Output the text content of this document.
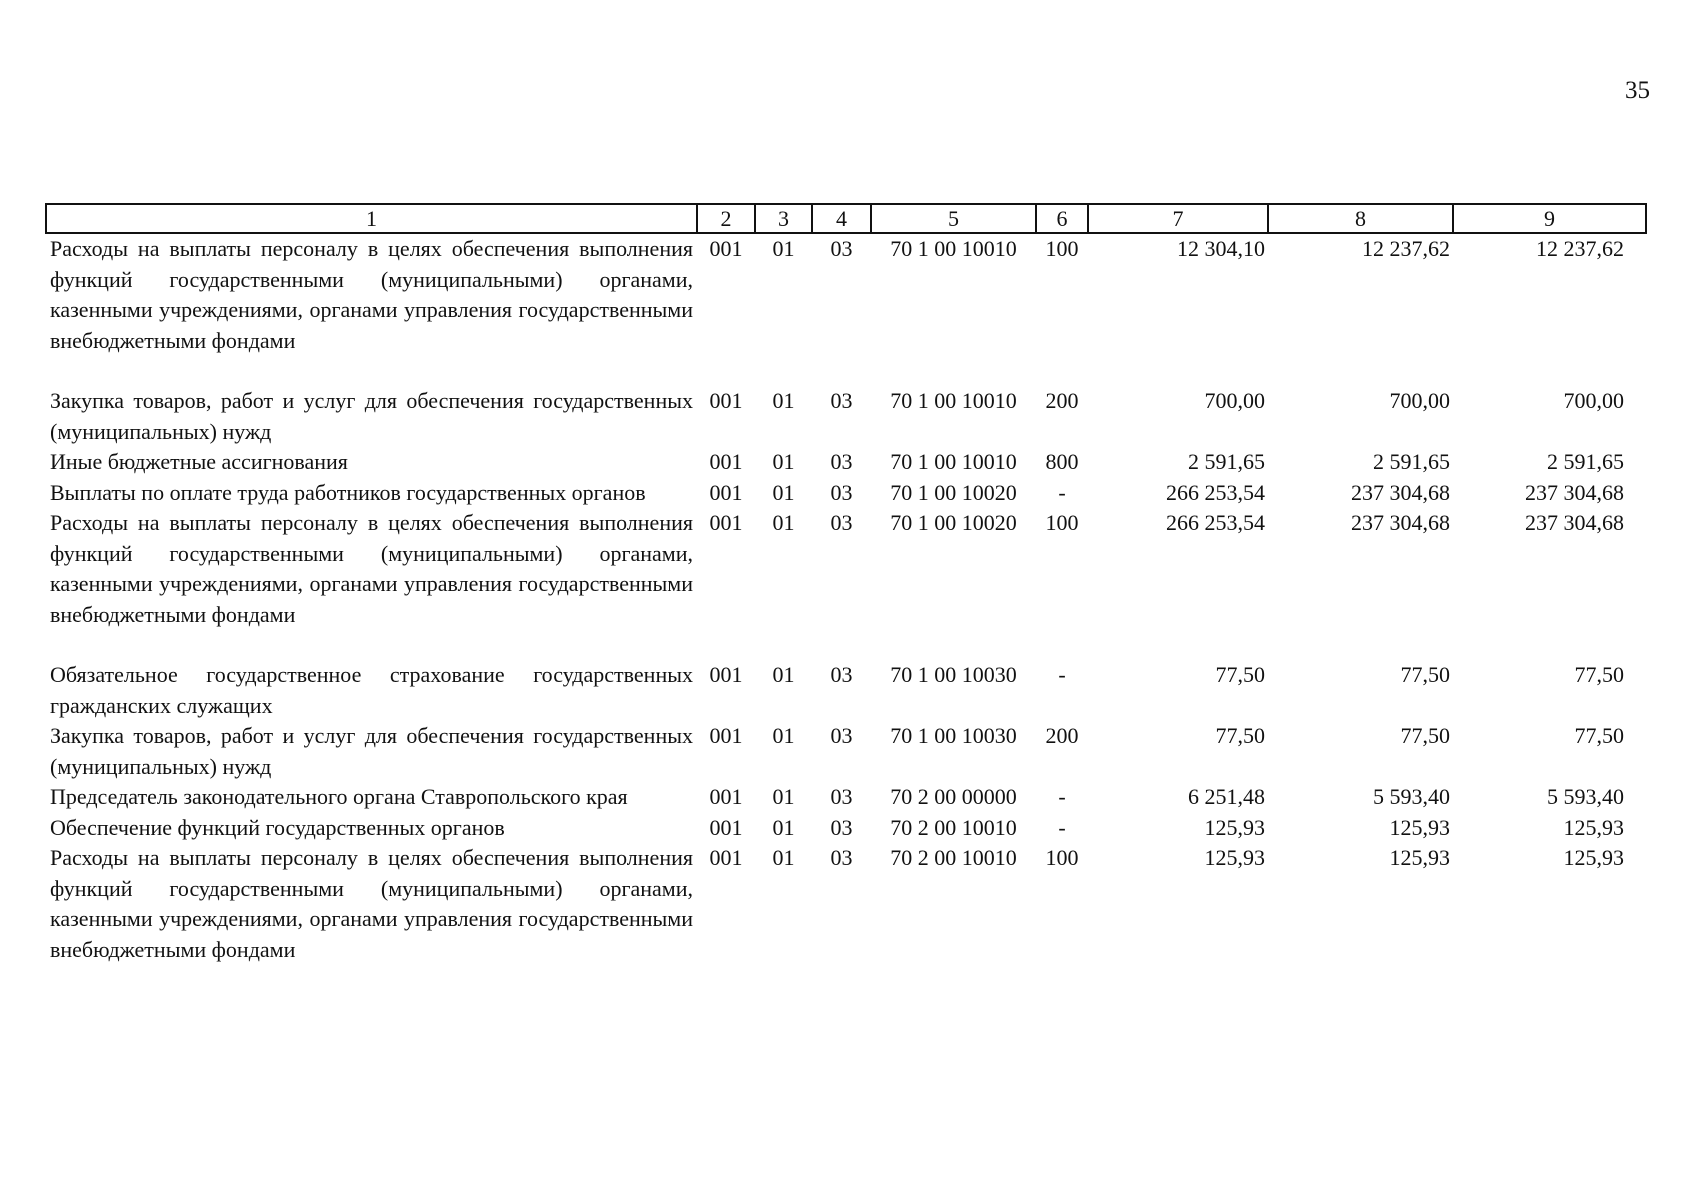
35
1	2	3	4	5	6	7	8	9
Расходы на выплаты персоналу в целях обеспечения выполнения функций государственными (муниципальными) органами, казенными учреждениями, органами управления государственными внебюджетными фондами	001	01	03	70 1 00 10010	100	12 304,10	12 237,62	12 237,62

Закупка товаров, работ и услуг для обеспечения государственных (муниципальных) нужд	001	01	03	70 1 00 10010	200	700,00	700,00	700,00
Иные бюджетные ассигнования	001	01	03	70 1 00 10010	800	2 591,65	2 591,65	2 591,65
Выплаты по оплате труда работников государственных органов	001	01	03	70 1 00 10020	-	266 253,54	237 304,68	237 304,68
Расходы на выплаты персоналу в целях обеспечения выполнения функций государственными (муниципальными) органами, казенными учреждениями, органами управления государственными внебюджетными фондами	001	01	03	70 1 00 10020	100	266 253,54	237 304,68	237 304,68

Обязательное государственное страхование государственных гражданских служащих	001	01	03	70 1 00 10030	-	77,50	77,50	77,50
Закупка товаров, работ и услуг для обеспечения государственных (муниципальных) нужд	001	01	03	70 1 00 10030	200	77,50	77,50	77,50
Председатель законодательного органа Ставропольского края	001	01	03	70 2 00 00000	-	6 251,48	5 593,40	5 593,40
Обеспечение функций государственных органов	001	01	03	70 2 00 10010	-	125,93	125,93	125,93
Расходы на выплаты персоналу в целях обеспечения выполнения функций государственными (муниципальными) органами, казенными учреждениями, органами управления государственными внебюджетными фондами	001	01	03	70 2 00 10010	100	125,93	125,93	125,93
